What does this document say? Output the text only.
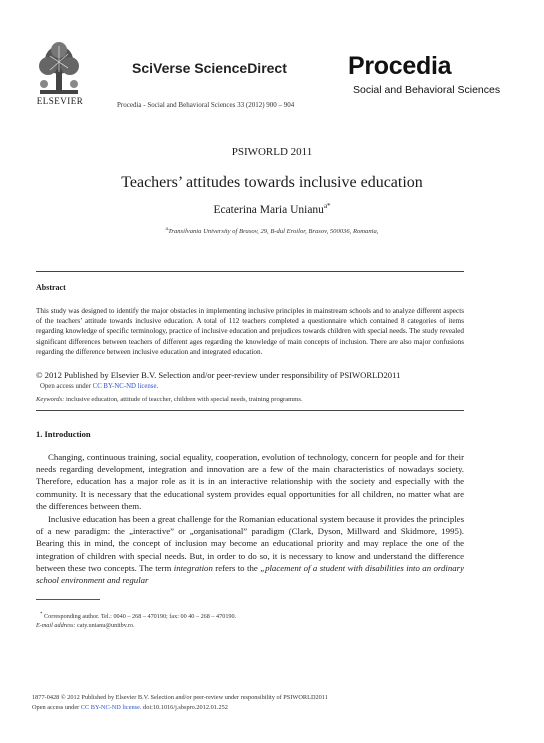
ELSEVIER
SciVerse ScienceDirect Procedia
Social and Behavioral Sciences
Procedia - Social and Behavioral Sciences 33 (2012) 900 – 904
PSIWORLD 2011
Teachers’ attitudes towards inclusive education
Ecaterina Maria Unianu$^{a*}$
$^a$Transilvania University of Brasov, 29, B-dul Eroilor, Brasov, 500036, Romania,
Abstract
This study was designed to identify the major obstacles in implementing inclusive principles in mainstream schools and to analyze different aspects of the teachers’ attitude towards inclusive education. A total of 112 teachers completed a questionnaire which contained 8 categories of items regarding knowledge of specific terminology, practice of inclusive education and prejudices towards children with special needs. The study revealed significant differences between teachers of different ages regarding the knowledge of main concepts of inclusion. There are also major confusions regarding the difference between inclusive education and integrated education.
© 2012 Published by Elsevier B.V. Selection and/or peer-review under responsibility of PSIWORLD2011
Open access under CC BY-NC-ND license.
Keywords: inclusive education, attitude of teaccher, children with special needs, training programms.
1. Introduction
Changing, continuous training, social equality, cooperation, evolution of technology, concern for people and for their needs regarding development, integration and innovation are a few of the main characteristics of nowadays society. Therefore, education has a major role as it is in an interactive relationship with the society and especially with the community. It is necessary that the educational system provides equal opportunities for all children, no matter what are the differences between them.
Inclusive education has been a great challenge for the Romanian educational system because it provides the principles of a new paradigm: the „interactive” or „organisational” paradigm (Clark, Dyson, Millward and Skidmore, 1995). Bearing this in mind, the concept of inclusion may become an educational priority and may replace the one of the integration of children with special needs. But, in order to do so, it is necessary to know and understand the difference between these two concepts. The term integration refers to the „placement of a student with disabilities into an ordinary school environment and regular
* Corresponding author. Tel.: 0040 – 268 – 470190; fax: 00 40 – 268 – 470190.
E-mail address: caty.unianu@unitbv.ro.
1877-0428 © 2012 Published by Elsevier B.V. Selection and/or peer-review under responsibility of PSIWORLD2011
Open access under CC BY-NC-ND license. doi:10.1016/j.sbspro.2012.01.252
